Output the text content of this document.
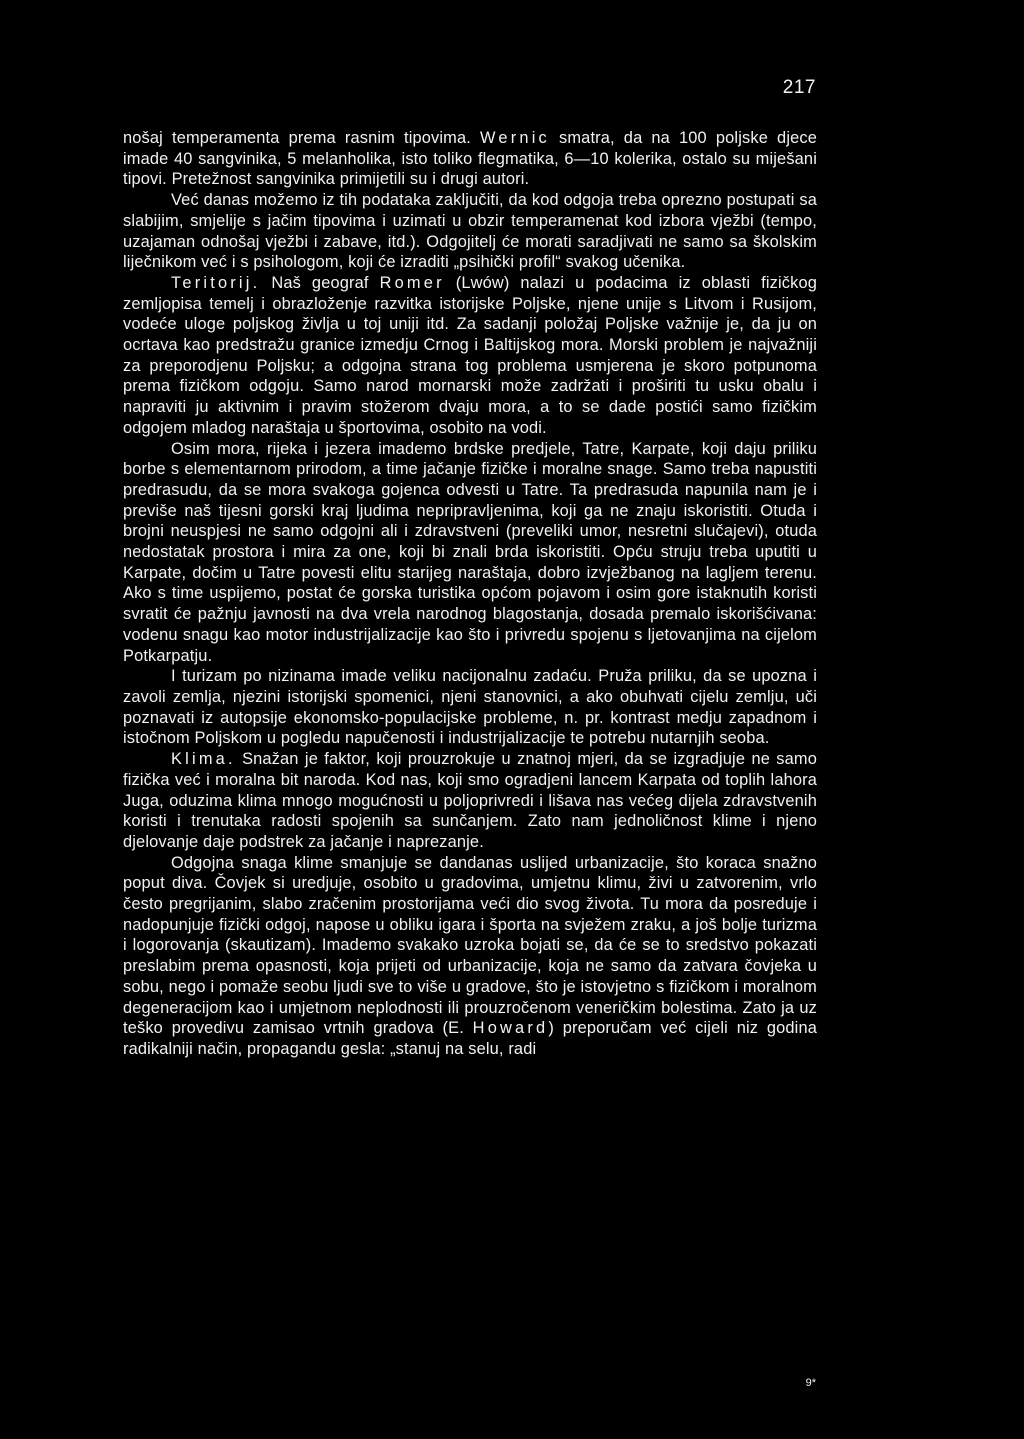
217

nošaj temperamenta prema rasnim tipovima. Wernic smatra, da na 100 poljske djece imade 40 sangvinika, 5 melanholika, isto toliko flegmatika, 6—10 kolerika, ostalo su miješani tipovi. Pretežnost sangvinika primijetili su i drugi autori.

Već danas možemo iz tih podataka zaključiti, da kod odgoja treba oprezno postupati sa slabijim, smjelije s jačim tipovima i uzimati u obzir temperamenat kod izbora vježbi (tempo, uzajaman odnošaj vježbi i zabave, itd.). Odgojitelj će morati saradjivati ne samo sa školskim liječnikom već i s psihologom, koji će izraditi „psihički profil“ svakog učenika.

Teritorij. Naš geograf Romer (Lwów) nalazi u podacima iz oblasti fizičkog zemljopisa temelj i obrazloženje razvitka istorijske Poljske, njene unije s Litvom i Rusijom, vodeće uloge poljskog življa u toj uniji itd. Za sadanji položaj Poljske važnije je, da ju on ocrtava kao predstražu granice izmedju Crnog i Baltijskog mora. Morski problem je najvažniji za preporodjenu Poljsku; a odgojna strana tog problema usmjerena je skoro potpunoma prema fizičkom odgoju. Samo narod mornarski može zadržati i proširiti tu usku obalu i napraviti ju aktivnim i pravim stožerom dvaju mora, a to se dade postići samo fizičkim odgojem mladog naraštaja u športovima, osobito na vodi.

Osim mora, rijeka i jezera imademo brdske predjele, Tatre, Karpate, koji daju priliku borbe s elementarnom prirodom, a time jačanje fizičke i moralne snage. Samo treba napustiti predrasudu, da se mora svakoga gojenca odvesti u Tatre. Ta predrasuda napunila nam je i previše naš tijesni gorski kraj ljudima nepripravljenima, koji ga ne znaju iskoristiti. Otuda i brojni neuspjesi ne samo odgojni ali i zdravstveni (preveliki umor, nesretni slučajevi), otuda nedostatak prostora i mira za one, koji bi znali brda iskoristiti. Opću struju treba uputiti u Karpate, dočim u Tatre povesti elitu starijeg naraštaja, dobro izvježbanog na lagljem terenu. Ako s time uspijemo, postat će gorska turistika općom pojavom i osim gore istaknutih koristi svratit će pažnju javnosti na dva vrela narodnog blagostanja, dosada premalo iskorišćivana: vodenu snagu kao motor industrijalizacije kao što i privredu spojenu s ljetovanjima na cijelom Potkarpatju.

I turizam po nizinama imade veliku nacijonalnu zadaću. Pruža priliku, da se upozna i zavoli zemlja, njezini istorijski spomenici, njeni stanovnici, a ako obuhvati cijelu zemlju, uči poznavati iz autopsije ekonomsko-populacijske probleme, n. pr. kontrast medju zapadnom i istočnom Poljskom u pogledu napučenosti i industrijalizacije te potrebu nutarnjih seoba.

Klima. Snažan je faktor, koji prouzrokuje u znatnoj mjeri, da se izgradjuje ne samo fizička već i moralna bit naroda. Kod nas, koji smo ogradjeni lancem Karpata od toplih lahora Juga, oduzima klima mnogo mogućnosti u poljoprivredi i lišava nas većeg dijela zdravstvenih koristi i trenutaka radosti spojenih sa sunčanjem. Zato nam jednoličnost klime i njeno djelovanje daje podstrek za jačanje i naprezanje.

Odgojna snaga klime smanjuje se dandanas uslijed urbanizacije, što koraca snažno poput diva. Čovjek si uredjuje, osobito u gradovima, umjetnu klimu, živi u zatvorenim, vrlo često pregrijanim, slabo zračenim prostorijama veći dio svog života. Tu mora da posreduje i nadopunjuje fizički odgoj, napose u obliku igara i športa na svježem zraku, a još bolje turizma i logorovanja (skautizam). Imademo svakako uzroka bojati se, da će se to sredstvo pokazati preslabim prema opasnosti, koja prijeti od urbanizacije, koja ne samo da zatvara čovjeka u sobu, nego i pomaže seobu ljudi sve to više u gradove, što je istovjetno s fizičkom i moralnom degeneracijom kao i umjetnom neplodnosti ili prouzročenom veneričkim bolestima. Zato ja uz teško provedivu zamisao vrtnih gradova (E. Howard) preporučam već cijeli niz godina radikalniji način, propagandu gesla: „stanuj na selu, radi

9*
